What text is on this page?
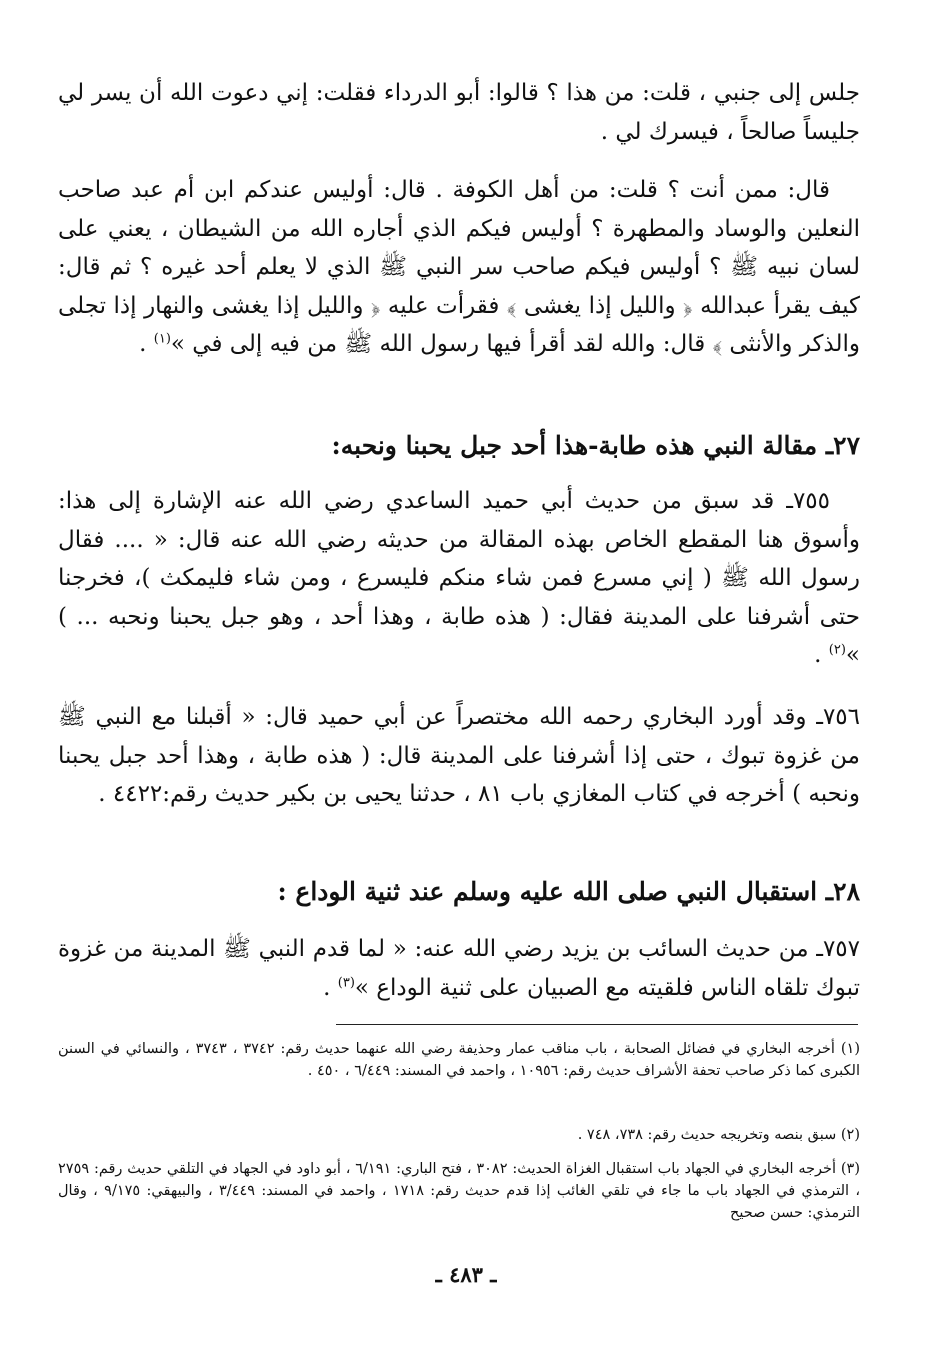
جلس إلى جنبي ، قلت: من هذا ؟ قالوا: أبو الدرداء فقلت: إني دعوت الله أن يسر لي جليساً صالحاً ، فيسرك لي .

قال: ممن أنت ؟ قلت: من أهل الكوفة . قال: أوليس عندكم ابن أم عبد صاحب النعلين والوساد والمطهرة ؟ أوليس فيكم الذي أجاره الله من الشيطان ، يعني على لسان نبيه ﷺ ؟ أوليس فيكم صاحب سر النبي ﷺ الذي لا يعلم أحد غيره ؟ ثم قال: كيف يقرأ عبدالله ﴿ والليل إذا يغشى ﴾ فقرأت عليه ﴿ والليل إذا يغشى والنهار إذا تجلى والذكر والأنثى ﴾ قال: والله لقد أقرأ فيها رسول الله ﷺ من فيه إلى في »$^{(١)}$ .

٢٧ـ مقالة النبي هذه طابة-هذا أحد جبل يحبنا ونحبه:

٧٥٥ـ قد سبق من حديث أبي حميد الساعدي رضي الله عنه الإشارة إلى هذا: وأسوق هنا المقطع الخاص بهذه المقالة من حديثه رضي الله عنه قال: « .... فقال رسول الله ﷺ ( إني مسرع فمن شاء منكم فليسرع ، ومن شاء فليمكث )، فخرجنا حتى أشرفنا على المدينة فقال: ( هذه طابة ، وهذا أحد ، وهو جبل يحبنا ونحبه ... ) »$^{(٢)}$ .

٧٥٦ـ وقد أورد البخاري رحمه الله مختصراً عن أبي حميد قال: « أقبلنا مع النبي ﷺ من غزوة تبوك ، حتى إذا أشرفنا على المدينة قال: ( هذه طابة ، وهذا أحد جبل يحبنا ونحبه ) أخرجه في كتاب المغازي باب ٨١ ، حدثنا يحيى بن بكير حديث رقم:٤٤٢٢ .

٢٨ـ استقبال النبي صلى الله عليه وسلم عند ثنية الوداع :

٧٥٧ـ من حديث السائب بن يزيد رضي الله عنه: « لما قدم النبي ﷺ المدينة من غزوة تبوك تلقاه الناس فلقيته مع الصبيان على ثنية الوداع »$^{(٣)}$ .

(١) أخرجه البخاري في فضائل الصحابة ، باب مناقب عمار وحذيفة رضي الله عنهما حديث رقم: ٣٧٤٢ ، ٣٧٤٣ ، والنسائي في السنن الكبرى كما ذكر صاحب تحفة الأشراف حديث رقم: ١٠٩٥٦ ، واحمد في المسند: ٦/٤٤٩ ، ٤٥٠ .

(٢) سبق بنصه وتخريجه حديث رقم: ٧٣٨، ٧٤٨ .

(٣) أخرجه البخاري في الجهاد باب استقبال الغزاة الحديث: ٣٠٨٢ ، فتح الباري: ٦/١٩١ ، أبو داود في الجهاد في التلقي حديث رقم: ٢٧٥٩ ، الترمذي في الجهاد باب ما جاء في تلقي الغائب إذا قدم حديث رقم: ١٧١٨ ، واحمد في المسند: ٣/٤٤٩ ، والبيهقي: ٩/١٧٥ ، وقال الترمذي: حسن صحيح

ـ ٤٨٣ ـ
